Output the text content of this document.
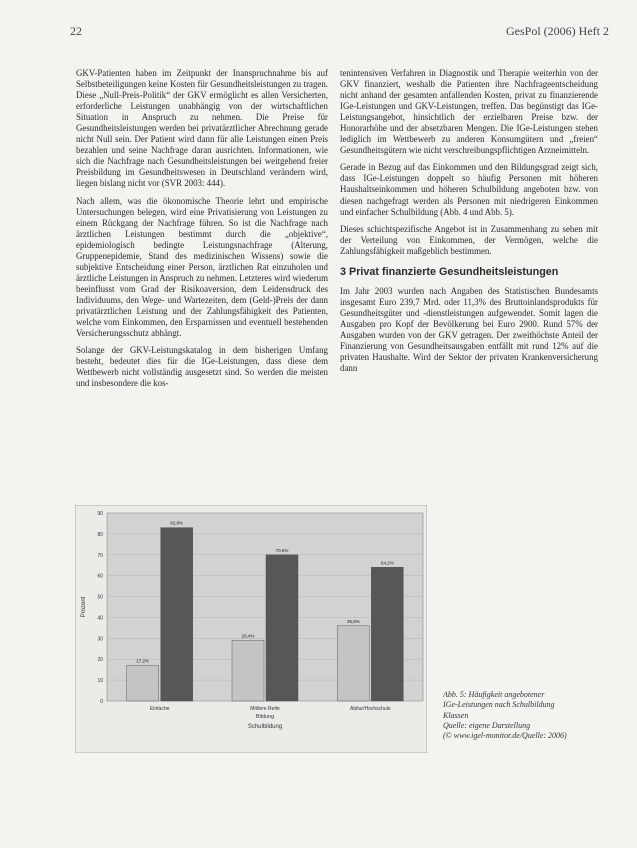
22	GesPol (2006) Heft 2

GKV-Patienten haben im Zeitpunkt der Inanspruchnahme bis auf Selbstbeteiligungen keine Kosten für Gesundheitsleistungen zu tragen. Diese „Null-Preis-Politik“ der GKV ermöglicht es allen Versicherten, erforderliche Leistungen unabhängig von der wirtschaftlichen Situation in Anspruch zu nehmen. Die Preise für Gesundheitsleistungen werden bei privatärztlicher Abrechnung gerade nicht Null sein. Der Patient wird dann für alle Leistungen einen Preis bezahlen und seine Nachfrage daran ausrichten. Informationen, wie sich die Nachfrage nach Gesundheitsleistungen bei weitgehend freier Preisbildung im Gesundheitswesen in Deutschland verändern wird, liegen bislang nicht vor (SVR 2003: 444).

Nach allem, was die ökonomische Theorie lehrt und empirische Untersuchungen belegen, wird eine Privatisierung von Leistungen zu einem Rückgang der Nachfrage führen. So ist die Nachfrage nach ärztlichen Leistungen bestimmt durch die „objektive“, epidemiologisch bedingte Leistungsnachfrage (Alterung, Gruppenepidemie, Stand des medizinischen Wissens) sowie die subjektive Entscheidung einer Person, ärztlichen Rat einzuholen und ärztliche Leistungen in Anspruch zu nehmen. Letzteres wird wiederum beeinflusst vom Grad der Risikoaversion, dem Leidensdruck des Individuums, den Wege- und Wartezeiten, dem (Geld-)Preis der dann privatärztlichen Leistung und der Zahlungsfähigkeit des Patienten, welche vom Einkommen, den Ersparnissen und eventuell bestehenden Versicherungsschutz abhängt.

Solange der GKV-Leistungskatalog in dem bisherigen Umfang besteht, bedeutet dies für die IGe-Leistungen, dass diese dem Wettbewerb nicht vollständig ausgesetzt sind. So werden die meisten und insbesondere die kos-

tenintensiven Verfahren in Diagnostik und Therapie weiterhin von der GKV finanziert, weshalb die Patienten ihre Nachfrageentscheidung nicht anhand der gesamten anfallenden Kosten, privat zu finanzierende IGe-Leistungen und GKV-Leistungen, treffen. Das begünstigt das IGe-Leistungsangebot, hinsichtlich der erzielbaren Preise bzw. der Honorarhöhe und der absetzbaren Mengen. Die IGe-Leistungen stehen lediglich im Wettbewerb zu anderen Konsumgütern und „freien“ Gesundheitsgütern wie nicht verschreibungspflichtigen Arzneimitteln.

Gerade in Bezug auf das Einkommen und den Bildungsgrad zeigt sich, dass IGe-Leistungen doppelt so häufig Personen mit höheren Haushaltseinkommen und höheren Schulbildung angeboten bzw. von diesen nachgefragt werden als Personen mit niedrigeren Einkommen und einfacher Schulbildung (Abb. 4 und Abb. 5).

Dieses schichtspezifische Angebot ist in Zusammenhang zu sehen mit der Verteilung von Einkommen, der Vermögen, welche die Zahlungsfähigkeit maßgeblich bestimmen.

3 Privat finanzierte Gesundheitsleistungen

Im Jahr 2003 wurden nach Angaben des Statistischen Bundesamts insgesamt Euro 239,7 Mrd. oder 11,3% des Bruttoinlandsprodukts für Gesundheitsgüter und -dienstleistungen aufgewendet. Somit lagen die Ausgaben pro Kopf der Bevölkerung bei Euro 2900. Rund 57% der Ausgaben wurden von der GKV getragen. Der zweithöchste Anteil der Finanzierung von Gesundheitsausgaben entfällt mit rund 12% auf die privaten Haushalte. Wird der Sektor der privaten Krankenversicherung dann

0
10
20
30
40
50
60
70
80
90
Prozent
17,2%
82,8%
Einfache
29,4%
70,5%
Mittlere Reife
35,8%
64,2%
Abitur/Hochschule
Bildung
Schulbildung
Abb. 5: Häufigkeit angebotener
IGe-Leistungen nach Schulbildung
Klassen
Quelle: eigene Darstellung
(© www.igel-monitor.de/Quelle: 2006)
